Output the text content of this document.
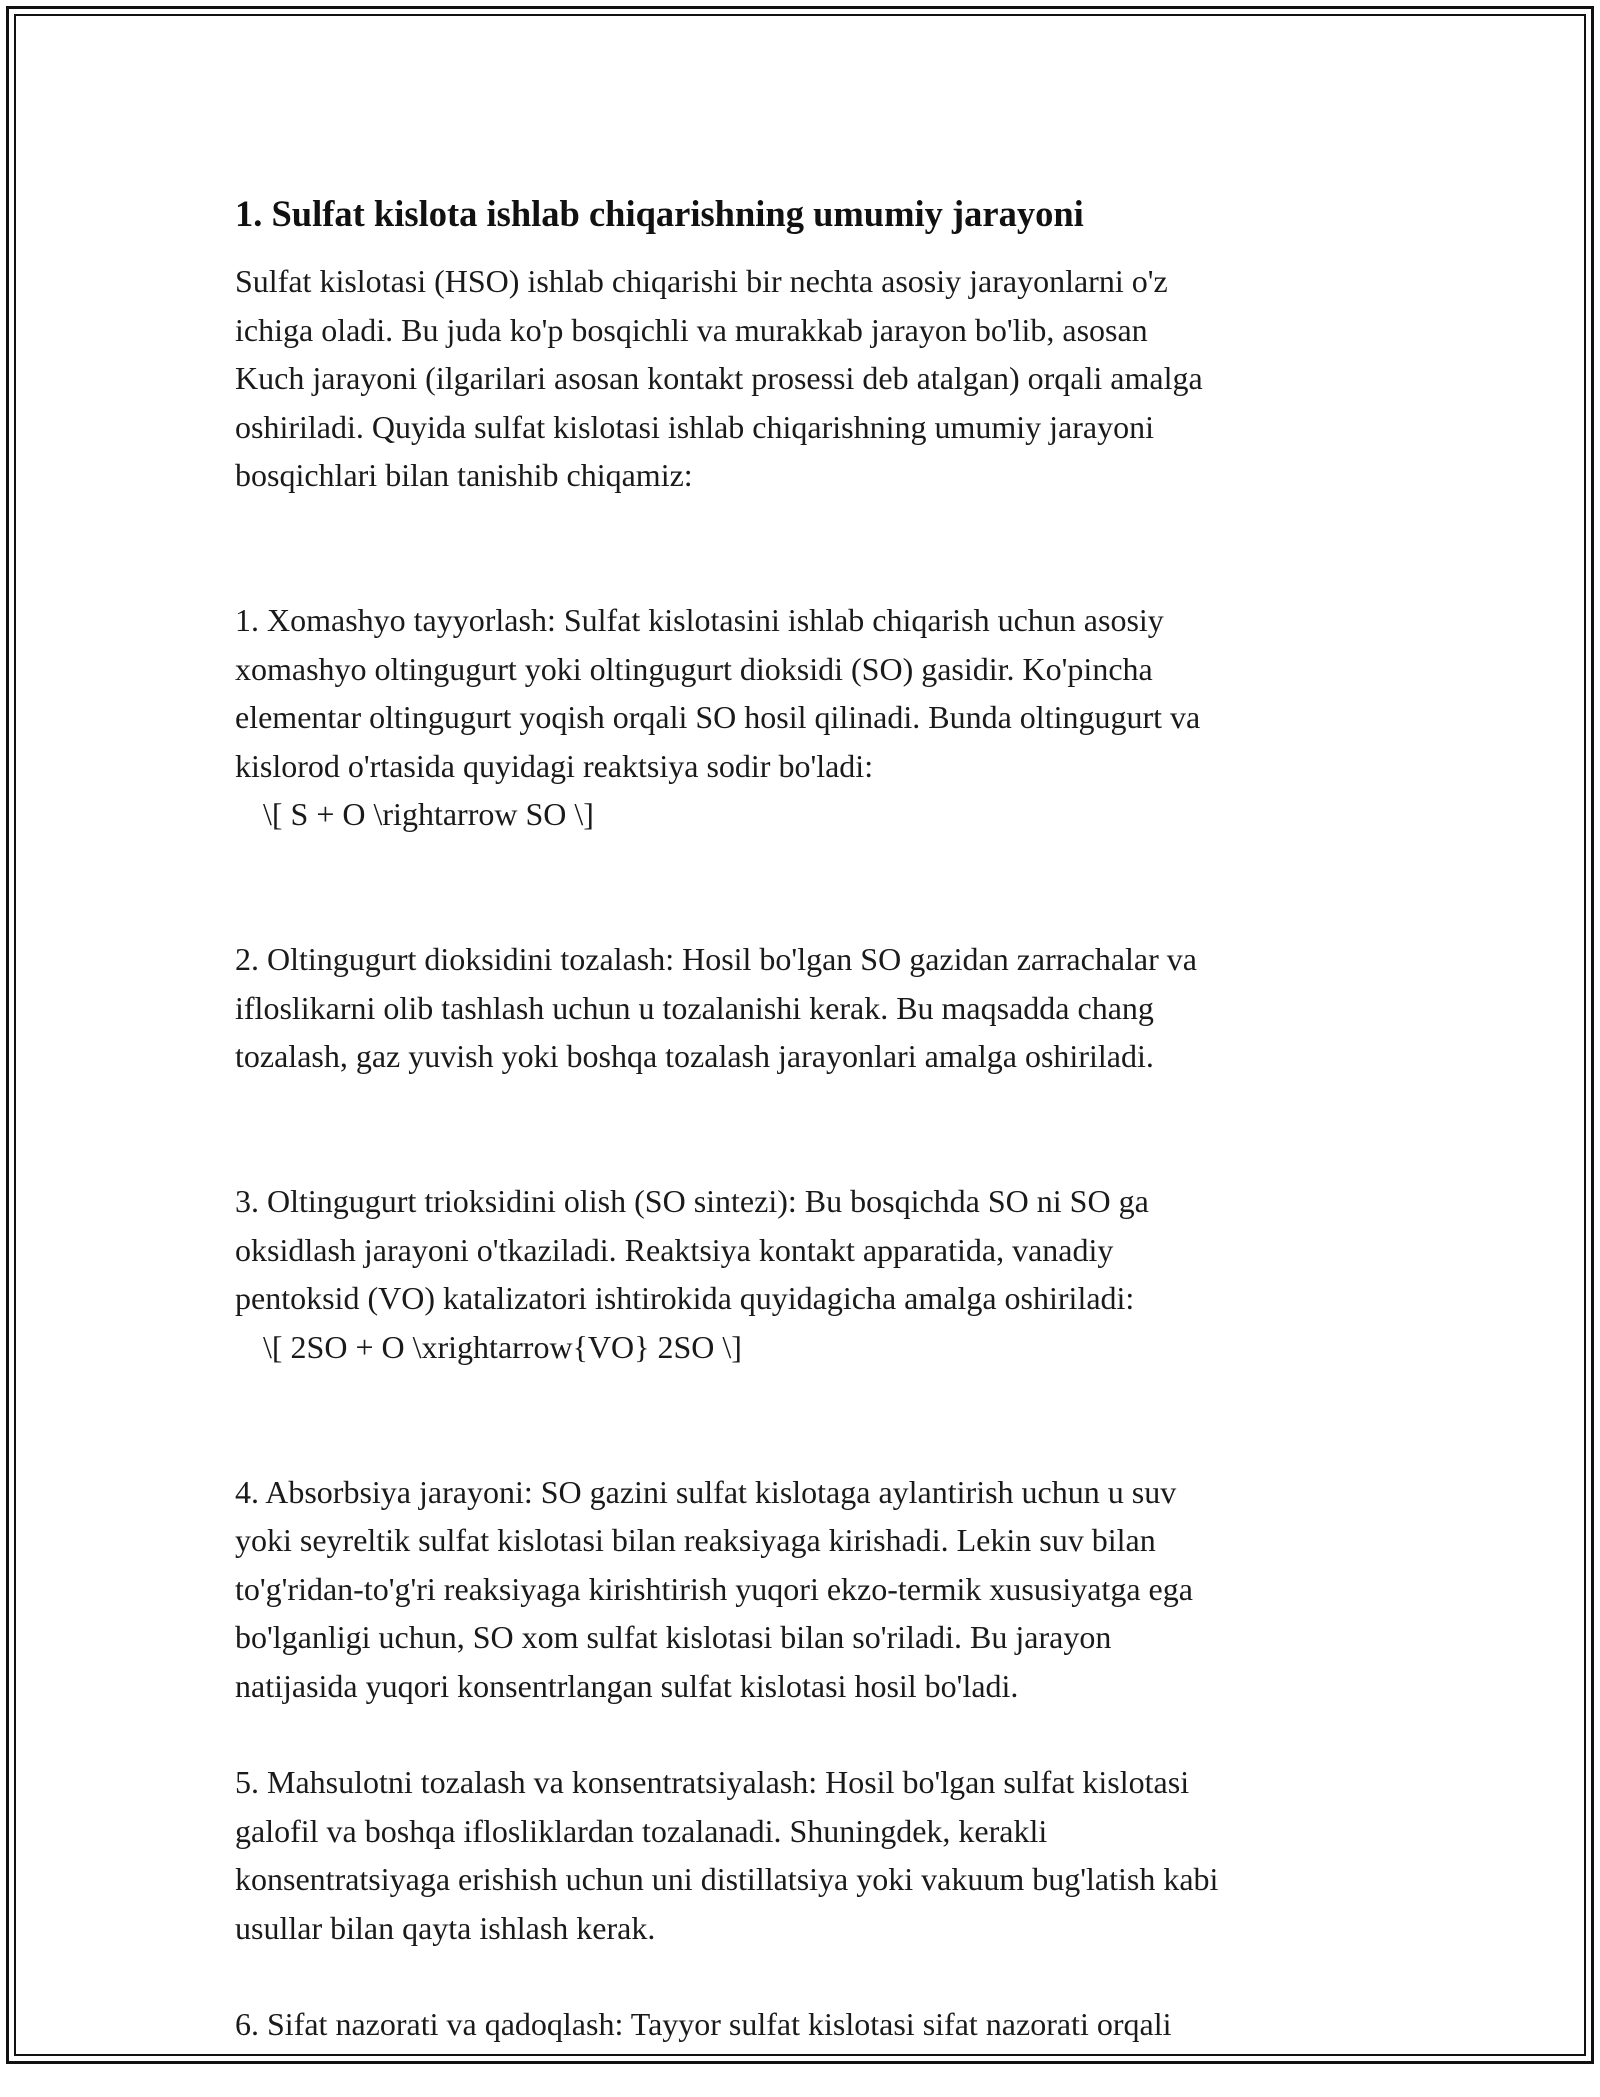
1. Sulfat kislota ishlab chiqarishning umumiy jarayoni

Sulfat kislotasi (HSO) ishlab chiqarishi bir nechta asosiy jarayonlarni o'z
ichiga oladi. Bu juda ko'p bosqichli va murakkab jarayon bo'lib, asosan
Kuch jarayoni (ilgarilari asosan kontakt prosessi deb atalgan) orqali amalga
oshiriladi. Quyida sulfat kislotasi ishlab chiqarishning umumiy jarayoni
bosqichlari bilan tanishib chiqamiz:

1. Xomashyo tayyorlash: Sulfat kislotasini ishlab chiqarish uchun asosiy
xomashyo oltingugurt yoki oltingugurt dioksidi (SO) gasidir. Ko'pincha
elementar oltingugurt yoqish orqali SO hosil qilinadi. Bunda oltingugurt va
kislorod o'rtasida quyidagi reaktsiya sodir bo'ladi:

\[ S + O \rightarrow SO \]

2. Oltingugurt dioksidini tozalash: Hosil bo'lgan SO gazidan zarrachalar va
ifloslikarni olib tashlash uchun u tozalanishi kerak. Bu maqsadda chang
tozalash, gaz yuvish yoki boshqa tozalash jarayonlari amalga oshiriladi.

3. Oltingugurt trioksidini olish (SO sintezi): Bu bosqichda SO ni SO ga
oksidlash jarayoni o'tkaziladi. Reaktsiya kontakt apparatida, vanadiy
pentoksid (VO) katalizatori ishtirokida quyidagicha amalga oshiriladi:

\[ 2SO + O \xrightarrow{VO} 2SO \]

4. Absorbsiya jarayoni: SO gazini sulfat kislotaga aylantirish uchun u suv
yoki seyreltik sulfat kislotasi bilan reaksiyaga kirishadi. Lekin suv bilan
to'g'ridan-to'g'ri reaksiyaga kirishtirish yuqori ekzo-termik xususiyatga ega
bo'lganligi uchun, SO xom sulfat kislotasi bilan so'riladi. Bu jarayon
natijasida yuqori konsentrlangan sulfat kislotasi hosil bo'ladi.

5. Mahsulotni tozalash va konsentratsiyalash: Hosil bo'lgan sulfat kislotasi
galofil va boshqa iflosliklardan tozalanadi. Shuningdek, kerakli
konsentratsiyaga erishish uchun uni distillatsiya yoki vakuum bug'latish kabi
usullar bilan qayta ishlash kerak.

6. Sifat nazorati va qadoqlash: Tayyor sulfat kislotasi sifat nazorati orqali
